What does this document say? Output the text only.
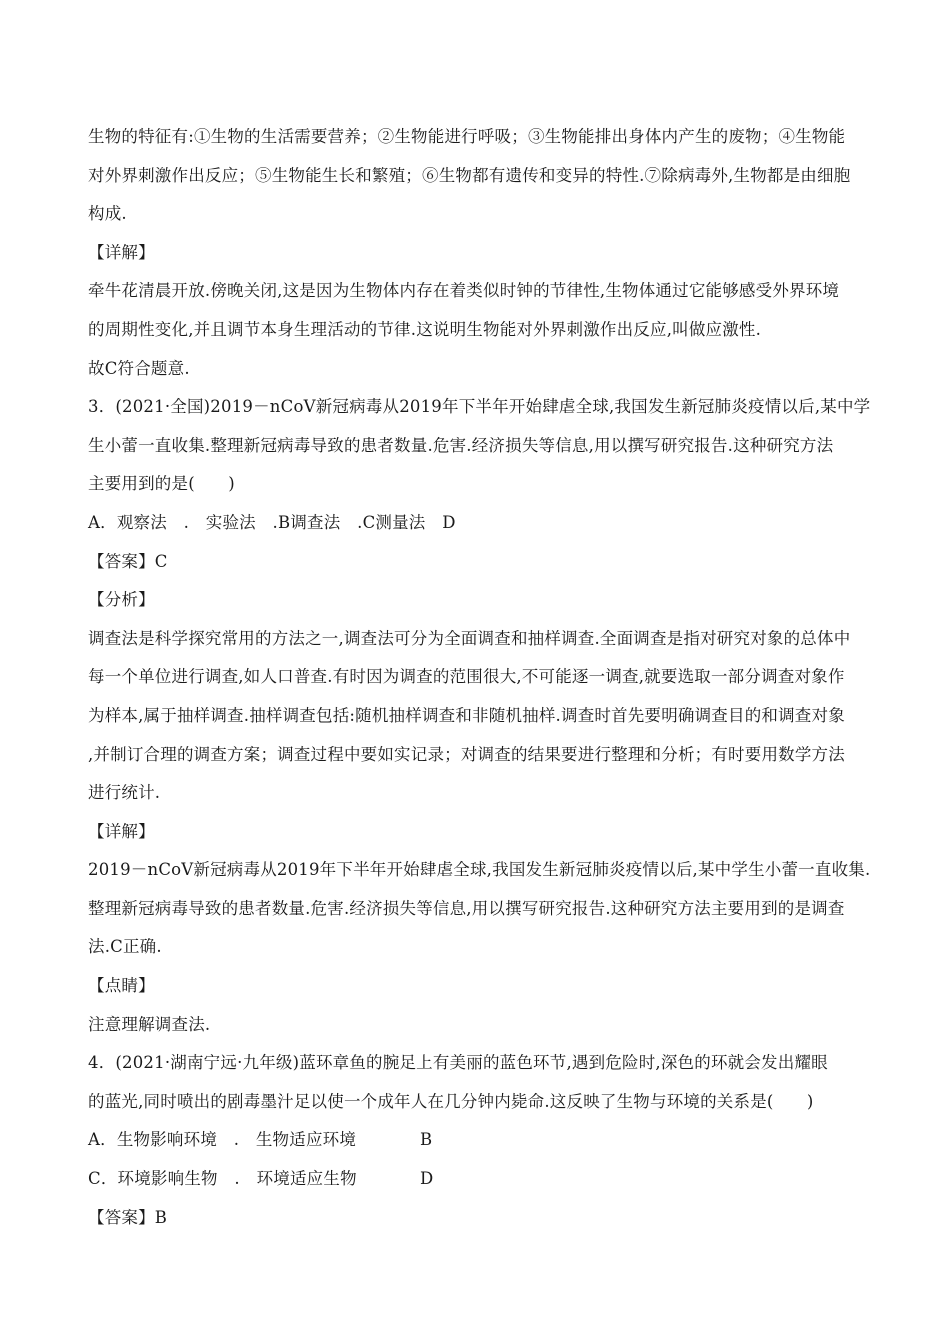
生物的特征有:①生物的生活需要营养；②生物能进行呼吸；③生物能排出身体内产生的废物；④生物能
对外界刺激作出反应；⑤生物能生长和繁殖；⑥生物都有遗传和变异的特性.⑦除病毒外,生物都是由细胞
构成.
【详解】
牵牛花清晨开放.傍晚关闭,这是因为生物体内存在着类似时钟的节律性,生物体通过它能够感受外界环境
的周期性变化,并且调节本身生理活动的节律.这说明生物能对外界刺激作出反应,叫做应激性.
故C符合题意.
3．(2021·全国)2019－nCoV新冠病毒从2019年下半年开始肆虐全球,我国发生新冠肺炎疫情以后,某中学
生小蕾一直收集.整理新冠病毒导致的患者数量.危害.经济损失等信息,用以撰写研究报告.这种研究方法
主要用到的是(　　)
A．观察法　.　实验法　.B调查法　.C测量法　D
【答案】C
【分析】
调查法是科学探究常用的方法之一,调查法可分为全面调查和抽样调查.全面调查是指对研究对象的总体中
每一个单位进行调查,如人口普查.有时因为调查的范围很大,不可能逐一调查,就要选取一部分调查对象作
为样本,属于抽样调查.抽样调查包括:随机抽样调查和非随机抽样.调查时首先要明确调查目的和调查对象
,并制订合理的调查方案；调查过程中要如实记录；对调查的结果要进行整理和分析；有时要用数学方法
进行统计.
【详解】
2019－nCoV新冠病毒从2019年下半年开始肆虐全球,我国发生新冠肺炎疫情以后,某中学生小蕾一直收集.
整理新冠病毒导致的患者数量.危害.经济损失等信息,用以撰写研究报告.这种研究方法主要用到的是调查
法.C正确.
【点睛】
注意理解调查法.
4．(2021·湖南宁远·九年级)蓝环章鱼的腕足上有美丽的蓝色环节,遇到危险时,深色的环就会发出耀眼
的蓝光,同时喷出的剧毒墨汁足以使一个成年人在几分钟内毙命.这反映了生物与环境的关系是(　　)
A．生物影响环境　.　生物适应环境	B
C．环境影响生物　.　环境适应生物	D
【答案】B
